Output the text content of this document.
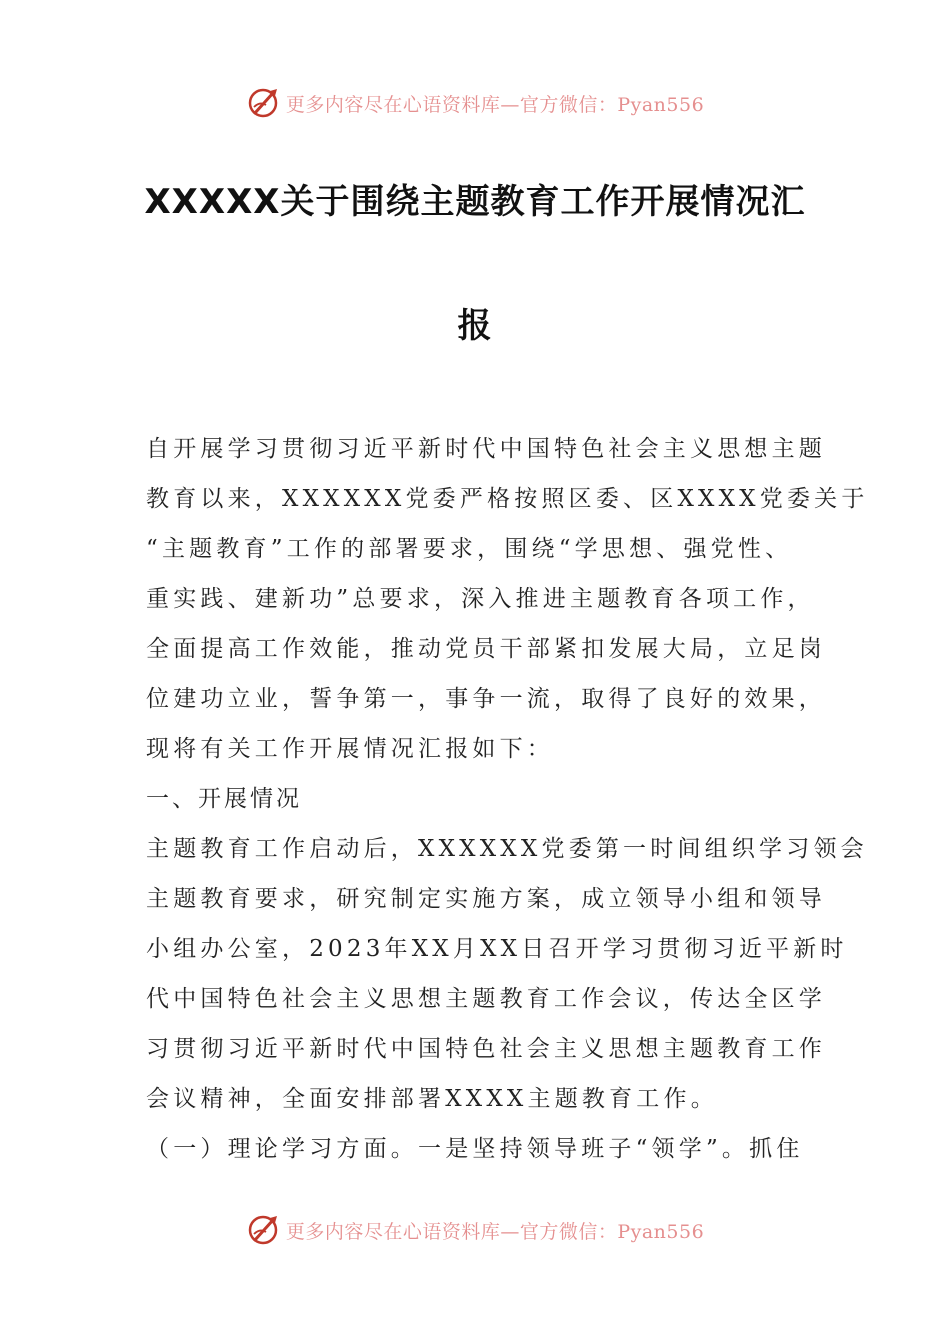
更多内容尽在心语资料库—官方微信：Pyan556
XXXXX关于围绕主题教育工作开展情况汇
报
自开展学习贯彻习近平新时代中国特色社会主义思想主题
教育以来，XXXXXX党委严格按照区委、区XXXX党委关于
“主题教育”工作的部署要求，围绕“学思想、强党性、
重实践、建新功”总要求，深入推进主题教育各项工作，
全面提高工作效能，推动党员干部紧扣发展大局，立足岗
位建功立业，誓争第一，事争一流，取得了良好的效果，
现将有关工作开展情况汇报如下：
一、开展情况
主题教育工作启动后，XXXXXX党委第一时间组织学习领会
主题教育要求，研究制定实施方案，成立领导小组和领导
小组办公室，2023年XX月XX日召开学习贯彻习近平新时
代中国特色社会主义思想主题教育工作会议，传达全区学
习贯彻习近平新时代中国特色社会主义思想主题教育工作
会议精神，全面安排部署XXXX主题教育工作。
（一）理论学习方面。一是坚持领导班子“领学”。抓住
更多内容尽在心语资料库—官方微信：Pyan556
